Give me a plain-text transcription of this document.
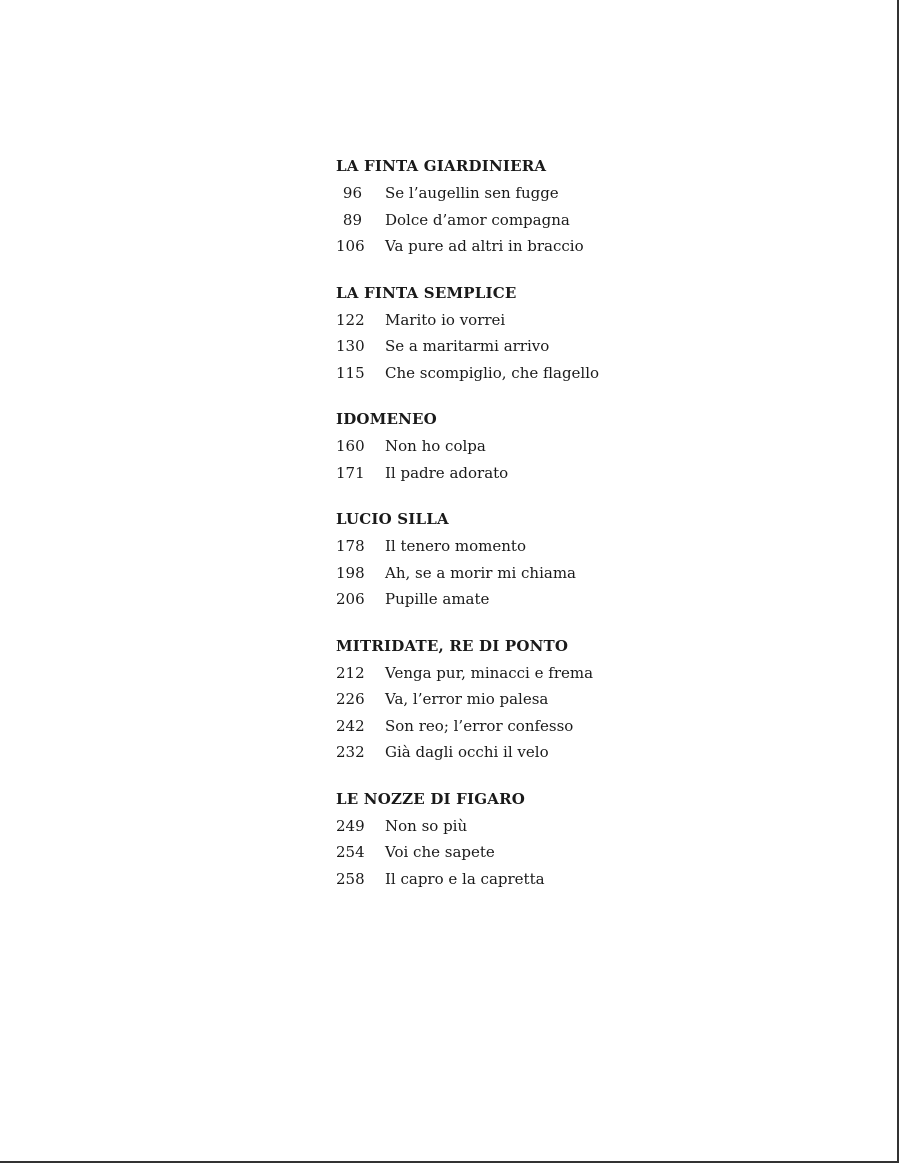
LA FINTA GIARDINIERA
96 Se l’augellin sen fugge
89 Dolce d’amor compagna
106 Va pure ad altri in braccio
LA FINTA SEMPLICE
122 Marito io vorrei
130 Se a maritarmi arrivo
115 Che scompiglio, che flagello
IDOMENEO
160 Non ho colpa
171 Il padre adorato
LUCIO SILLA
178 Il tenero momento
198 Ah, se a morir mi chiama
206 Pupille amate
MITRIDATE, RE DI PONTO
212 Venga pur, minacci e frema
226 Va, l’error mio palesa
242 Son reo; l’error confesso
232 Già dagli occhi il velo
LE NOZZE DI FIGARO
249 Non so più
254 Voi che sapete
258 Il capro e la capretta
